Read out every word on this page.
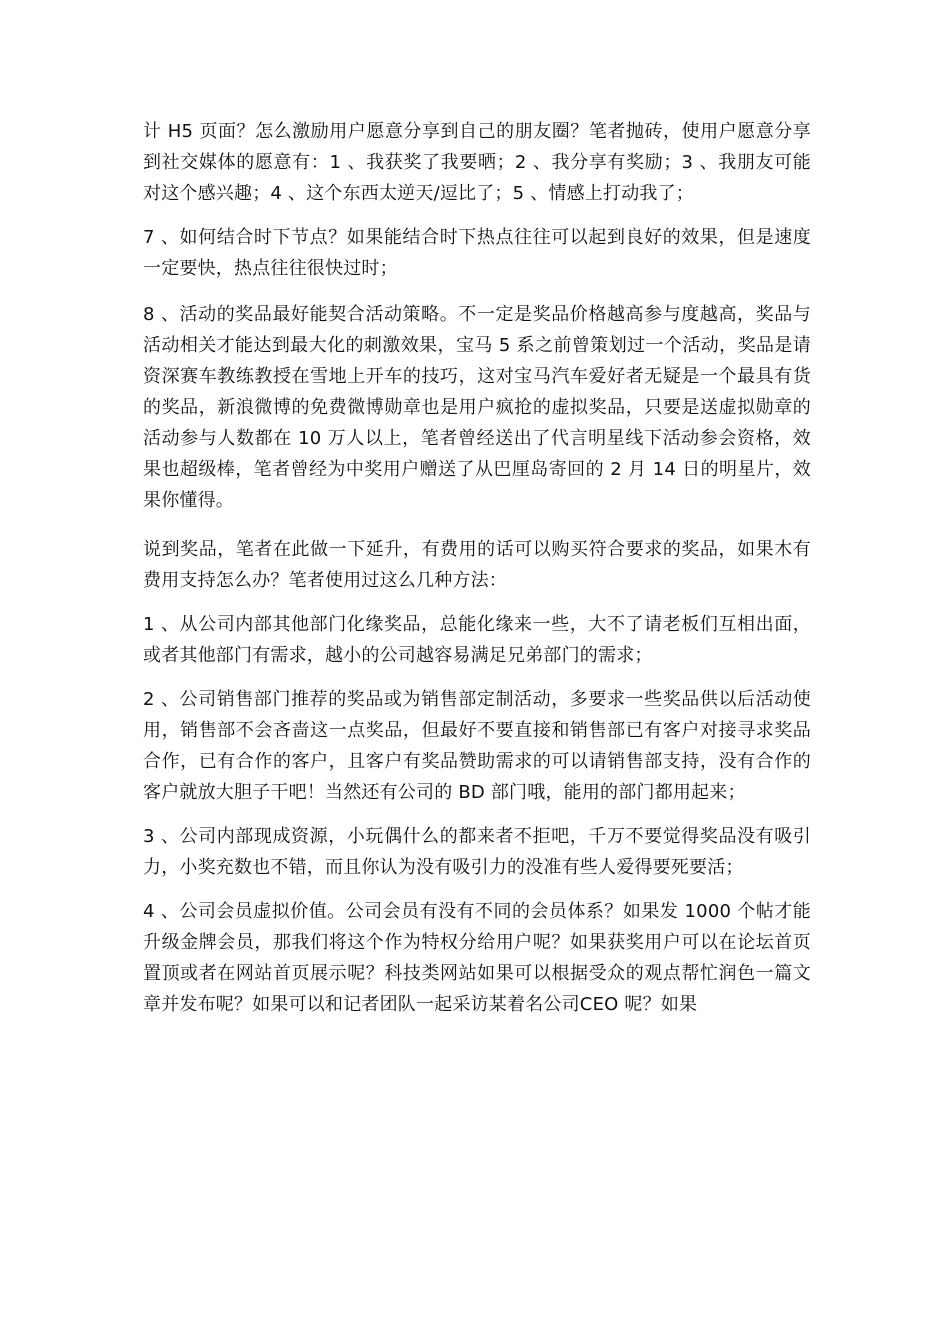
计 H5 页面？怎么激励用户愿意分享到自己的朋友圈？笔者抛砖，使用户愿意分享到社交媒体的愿意有：1 、我获奖了我要晒；2 、我分享有奖励；3 、我朋友可能对这个感兴趣；4 、这个东西太逆天/逗比了；5 、情感上打动我了；

7 、如何结合时下节点？如果能结合时下热点往往可以起到良好的效果，但是速度一定要快，热点往往很快过时；

8 、活动的奖品最好能契合活动策略。不一定是奖品价格越高参与度越高，奖品与活动相关才能达到最大化的刺激效果，宝马 5 系之前曾策划过一个活动，奖品是请资深赛车教练教授在雪地上开车的技巧，这对宝马汽车爱好者无疑是一个最具有货的奖品，新浪微博的免费微博勋章也是用户疯抢的虚拟奖品，只要是送虚拟勋章的活动参与人数都在 10 万人以上，笔者曾经送出了代言明星线下活动参会资格，效果也超级棒，笔者曾经为中奖用户赠送了从巴厘岛寄回的 2 月 14 日的明星片，效果你懂得。

说到奖品，笔者在此做一下延升，有费用的话可以购买符合要求的奖品，如果木有费用支持怎么办？笔者使用过这么几种方法：

1 、从公司内部其他部门化缘奖品，总能化缘来一些，大不了请老板们互相出面，或者其他部门有需求，越小的公司越容易满足兄弟部门的需求；

2 、公司销售部门推荐的奖品或为销售部定制活动，多要求一些奖品供以后活动使用，销售部不会吝啬这一点奖品，但最好不要直接和销售部已有客户对接寻求奖品合作，已有合作的客户，且客户有奖品赞助需求的可以请销售部支持，没有合作的客户就放大胆子干吧！当然还有公司的 BD 部门哦，能用的部门都用起来；

3 、公司内部现成资源，小玩偶什么的都来者不拒吧，千万不要觉得奖品没有吸引力，小奖充数也不错，而且你认为没有吸引力的没准有些人爱得要死要活；

4 、公司会员虚拟价值。公司会员有没有不同的会员体系？如果发 1000 个帖才能升级金牌会员，那我们将这个作为特权分给用户呢？如果获奖用户可以在论坛首页置顶或者在网站首页展示呢？科技类网站如果可以根据受众的观点帮忙润色一篇文章并发布呢？如果可以和记者团队一起采访某着名公司CEO 呢？如果
